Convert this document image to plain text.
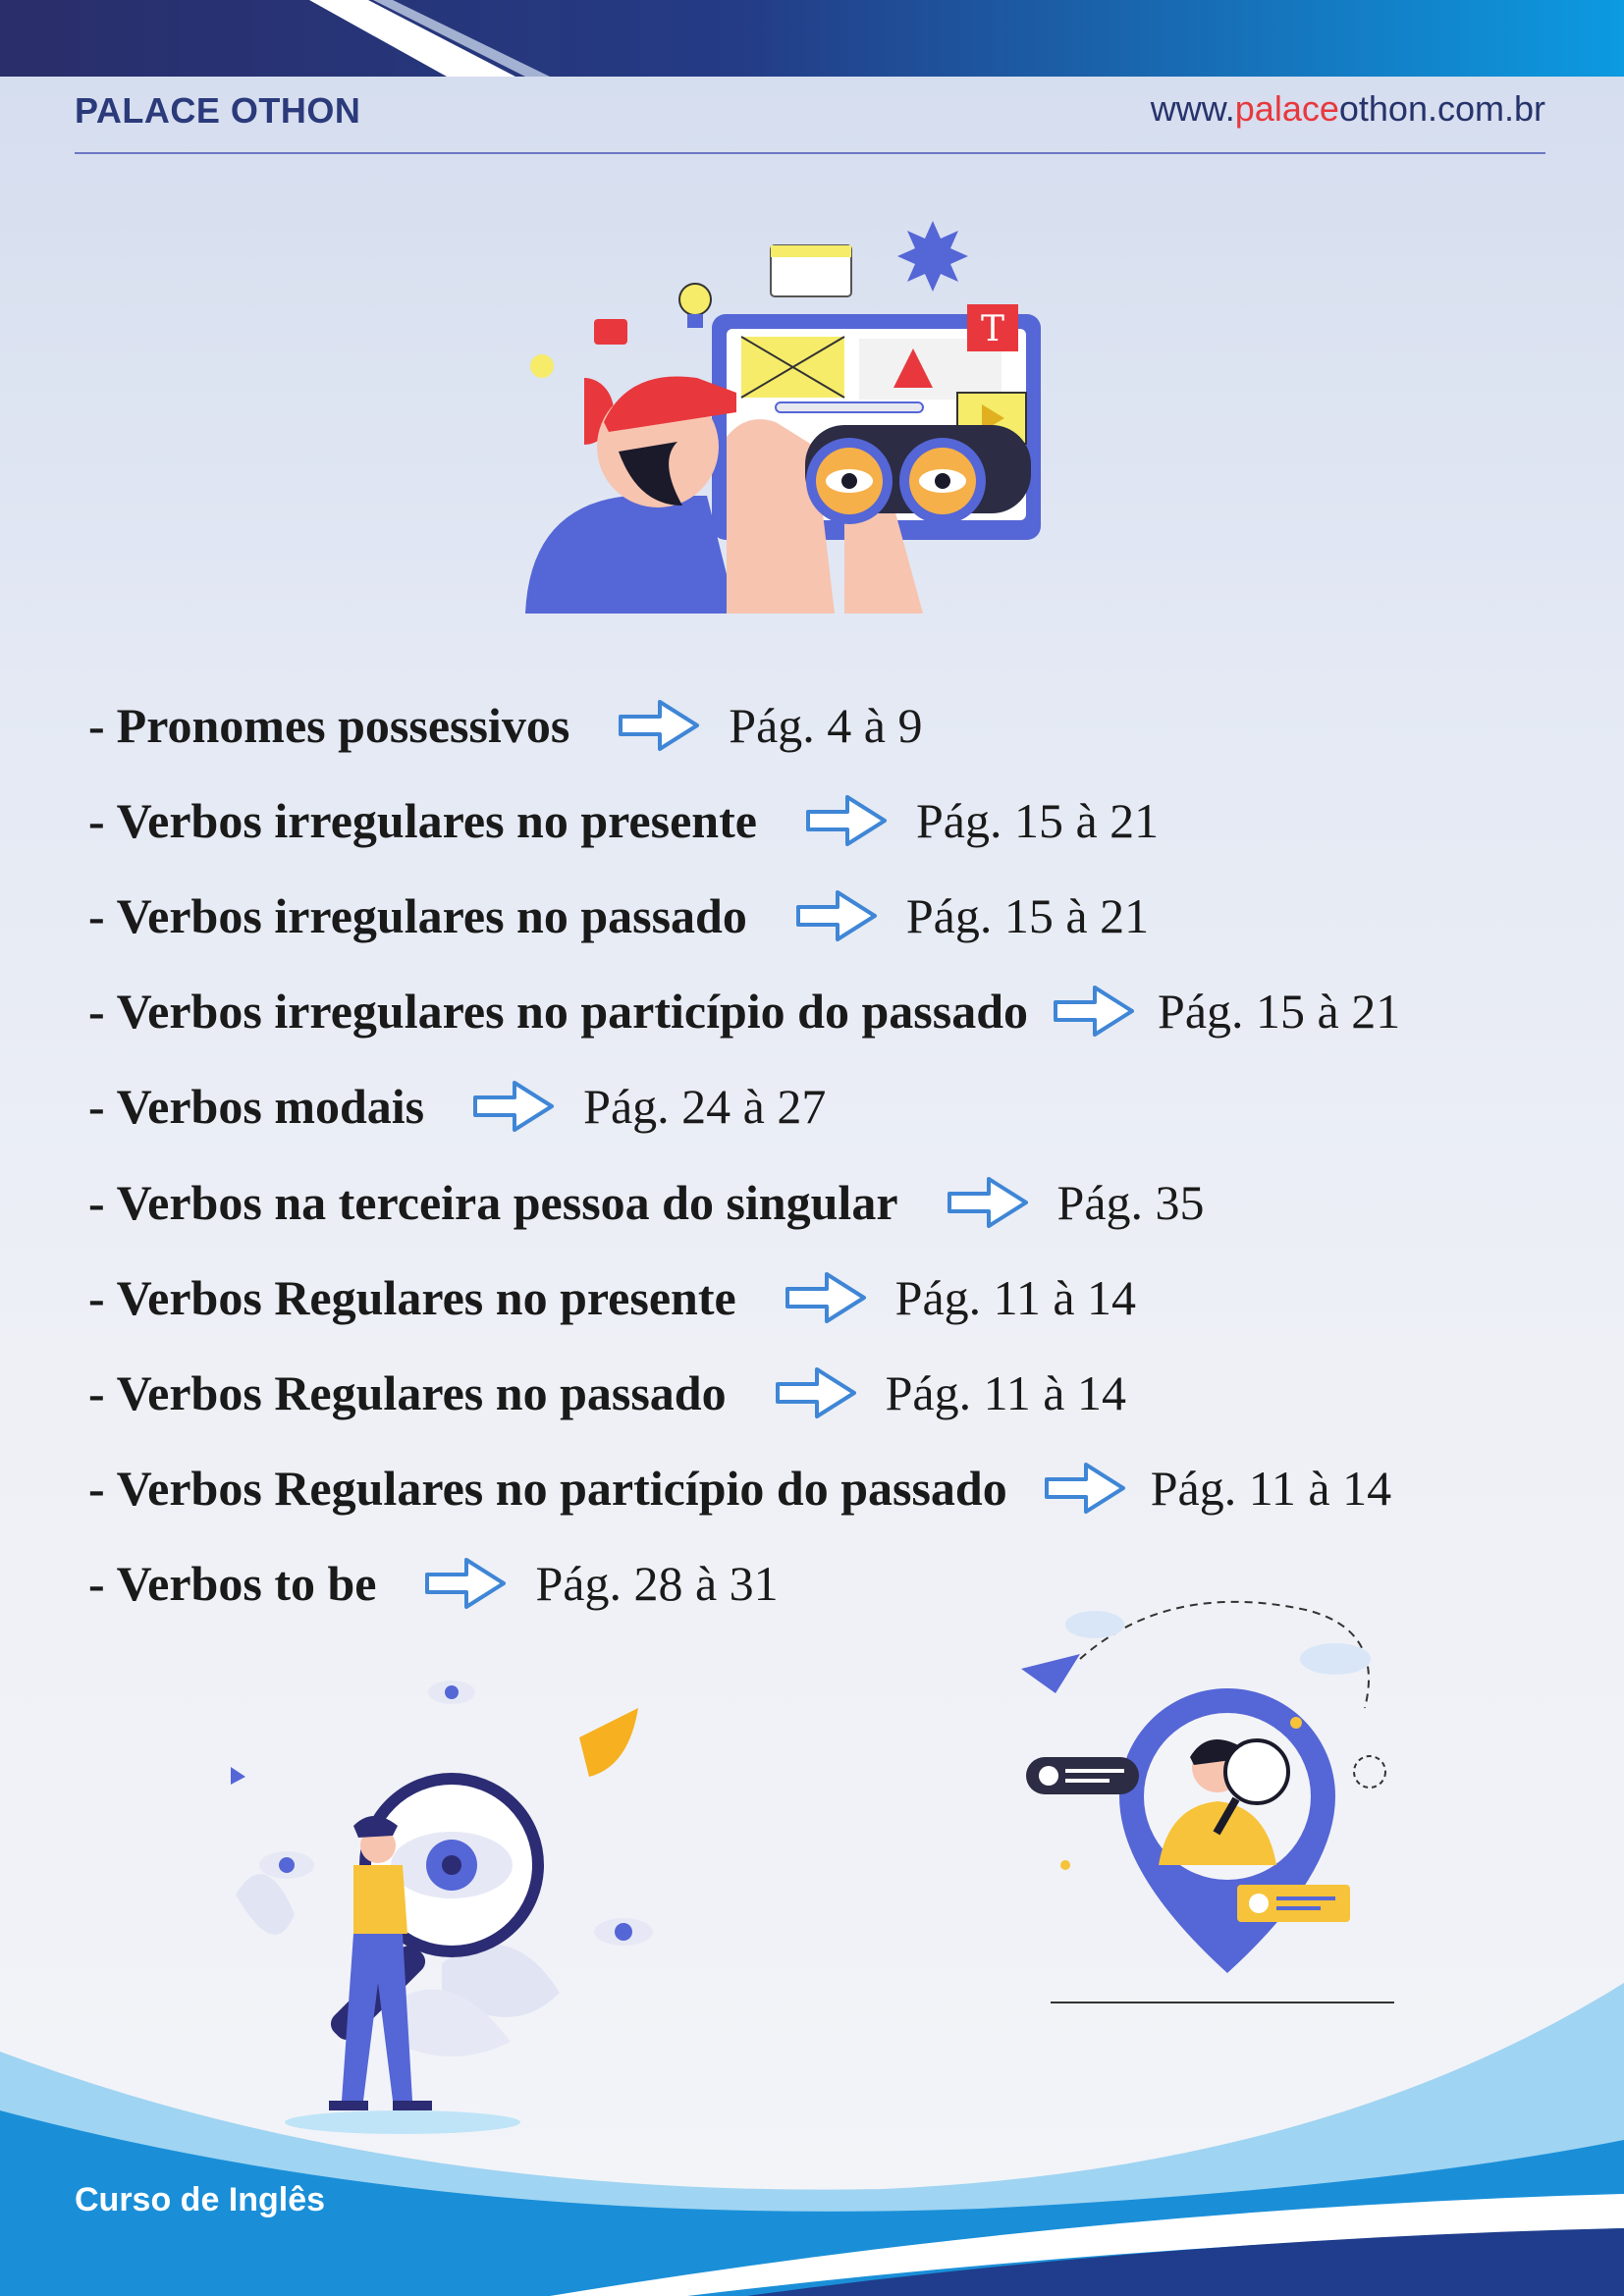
PALACE OTHON	www.palaceothon.com.br
T
- Pronomes possessivos	Pág. 4 à 9
- Verbos irregulares no presente	Pág. 15 à 21
- Verbos irregulares no passado	Pág. 15 à 21
- Verbos irregulares no particípio do passado	Pág. 15 à 21
- Verbos modais	Pág. 24 à 27
- Verbos na terceira pessoa do singular	Pág. 35
- Verbos Regulares no presente	Pág. 11 à 14
- Verbos Regulares no passado	Pág. 11 à 14
- Verbos Regulares no particípio do passado	Pág. 11 à 14
- Verbos to be	Pág. 28 à 31
Curso de Inglês
